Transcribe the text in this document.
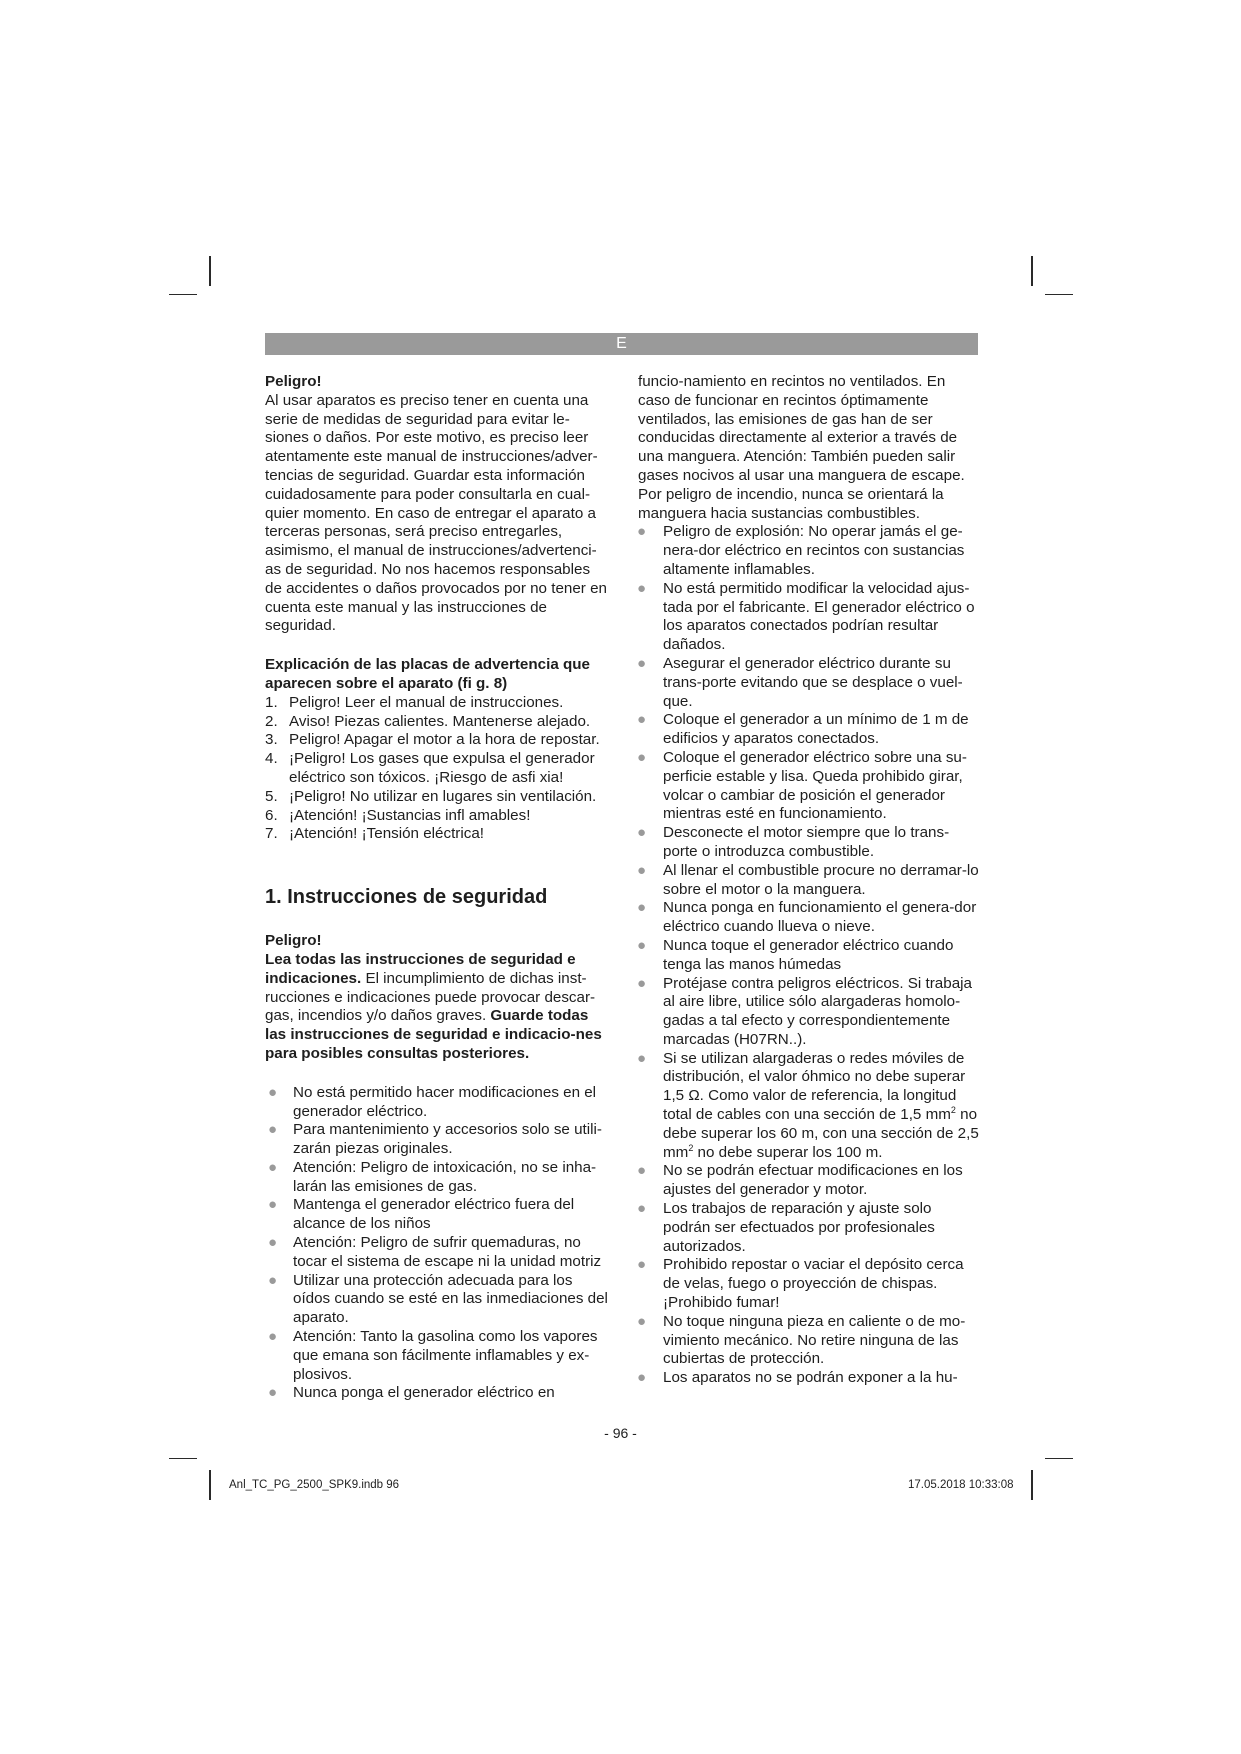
E

Peligro!

Al usar aparatos es preciso tener en cuenta una serie de medidas de seguridad para evitar le-siones o daños. Por este motivo, es preciso leer atentamente este manual de instrucciones/adver-tencias de seguridad. Guardar esta información cuidadosamente para poder consultarla en cual-quier momento. En caso de entregar el aparato a terceras personas, será preciso entregarles, asimismo, el manual de instrucciones/advertenci-as de seguridad. No nos hacemos responsables de accidentes o daños provocados por no tener en cuenta este manual y las instrucciones de seguridad.

Explicación de las placas de advertencia que aparecen sobre el aparato (fi g. 8)

1. Peligro! Leer el manual de instrucciones.
2. Aviso! Piezas calientes. Mantenerse alejado.
3. Peligro! Apagar el motor a la hora de repostar.
4. ¡Peligro! Los gases que expulsa el generador eléctrico son tóxicos. ¡Riesgo de asfi xia!
5. ¡Peligro! No utilizar en lugares sin ventilación.
6. ¡Atención! ¡Sustancias infl amables!
7. ¡Atención! ¡Tensión eléctrica!
1. Instrucciones de seguridad

Peligro!

Lea todas las instrucciones de seguridad e indicaciones. El incumplimiento de dichas inst-rucciones e indicaciones puede provocar descar-gas, incendios y/o daños graves. Guarde todas las instrucciones de seguridad e indicacio-nes para posibles consultas posteriores.

● No está permitido hacer modificaciones en el generador eléctrico.
● Para mantenimiento y accesorios solo se utili-zarán piezas originales.
● Atención: Peligro de intoxicación, no se inha-larán las emisiones de gas.
● Mantenga el generador eléctrico fuera del alcance de los niños
● Atención: Peligro de sufrir quemaduras, no tocar el sistema de escape ni la unidad motriz
● Utilizar una protección adecuada para los oídos cuando se esté en las inmediaciones del aparato.
● Atención: Tanto la gasolina como los vapores que emana son fácilmente inflamables y ex-plosivos.
● Nunca ponga el generador eléctrico en

funcio-namiento en recintos no ventilados. En caso de funcionar en recintos óptimamente ventilados, las emisiones de gas han de ser conducidas directamente al exterior a través de una manguera. Atención: También pueden salir gases nocivos al usar una manguera de escape. Por peligro de incendio, nunca se orientará la manguera hacia sustancias combustibles.

● Peligro de explosión: No operar jamás el ge-nera-dor eléctrico en recintos con sustancias altamente inflamables.
● No está permitido modificar la velocidad ajus-tada por el fabricante. El generador eléctrico o los aparatos conectados podrían resultar dañados.
● Asegurar el generador eléctrico durante su trans-porte evitando que se desplace o vuel-que.
● Coloque el generador a un mínimo de 1 m de edificios y aparatos conectados.
● Coloque el generador eléctrico sobre una su-perficie estable y lisa. Queda prohibido girar, volcar o cambiar de posición el generador mientras esté en funcionamiento.
● Desconecte el motor siempre que lo trans-porte o introduzca combustible.
● Al llenar el combustible procure no derramar-lo sobre el motor o la manguera.
● Nunca ponga en funcionamiento el genera-dor eléctrico cuando llueva o nieve.
● Nunca toque el generador eléctrico cuando tenga las manos húmedas
● Protéjase contra peligros eléctricos. Si trabaja al aire libre, utilice sólo alargaderas homolo-gadas a tal efecto y correspondientemente marcadas (H07RN..).
● Si se utilizan alargaderas o redes móviles de distribución, el valor óhmico no debe superar 1,5 Ω. Como valor de referencia, la longitud total de cables con una sección de 1,5 $mm^2$ no debe superar los 60 m, con una sección de 2,5 $mm^2$ no debe superar los 100 m.
● No se podrán efectuar modificaciones en los ajustes del generador y motor.
● Los trabajos de reparación y ajuste solo podrán ser efectuados por profesionales autorizados.
● Prohibido repostar o vaciar el depósito cerca de velas, fuego o proyección de chispas. ¡Prohibido fumar!
● No toque ninguna pieza en caliente o de mo-vimiento mecánico. No retire ninguna de las cubiertas de protección.
● Los aparatos no se podrán exponer a la hu-
- 96 -
Anl_TC_PG_2500_SPK9.indb 96	17.05.2018 10:33:08
